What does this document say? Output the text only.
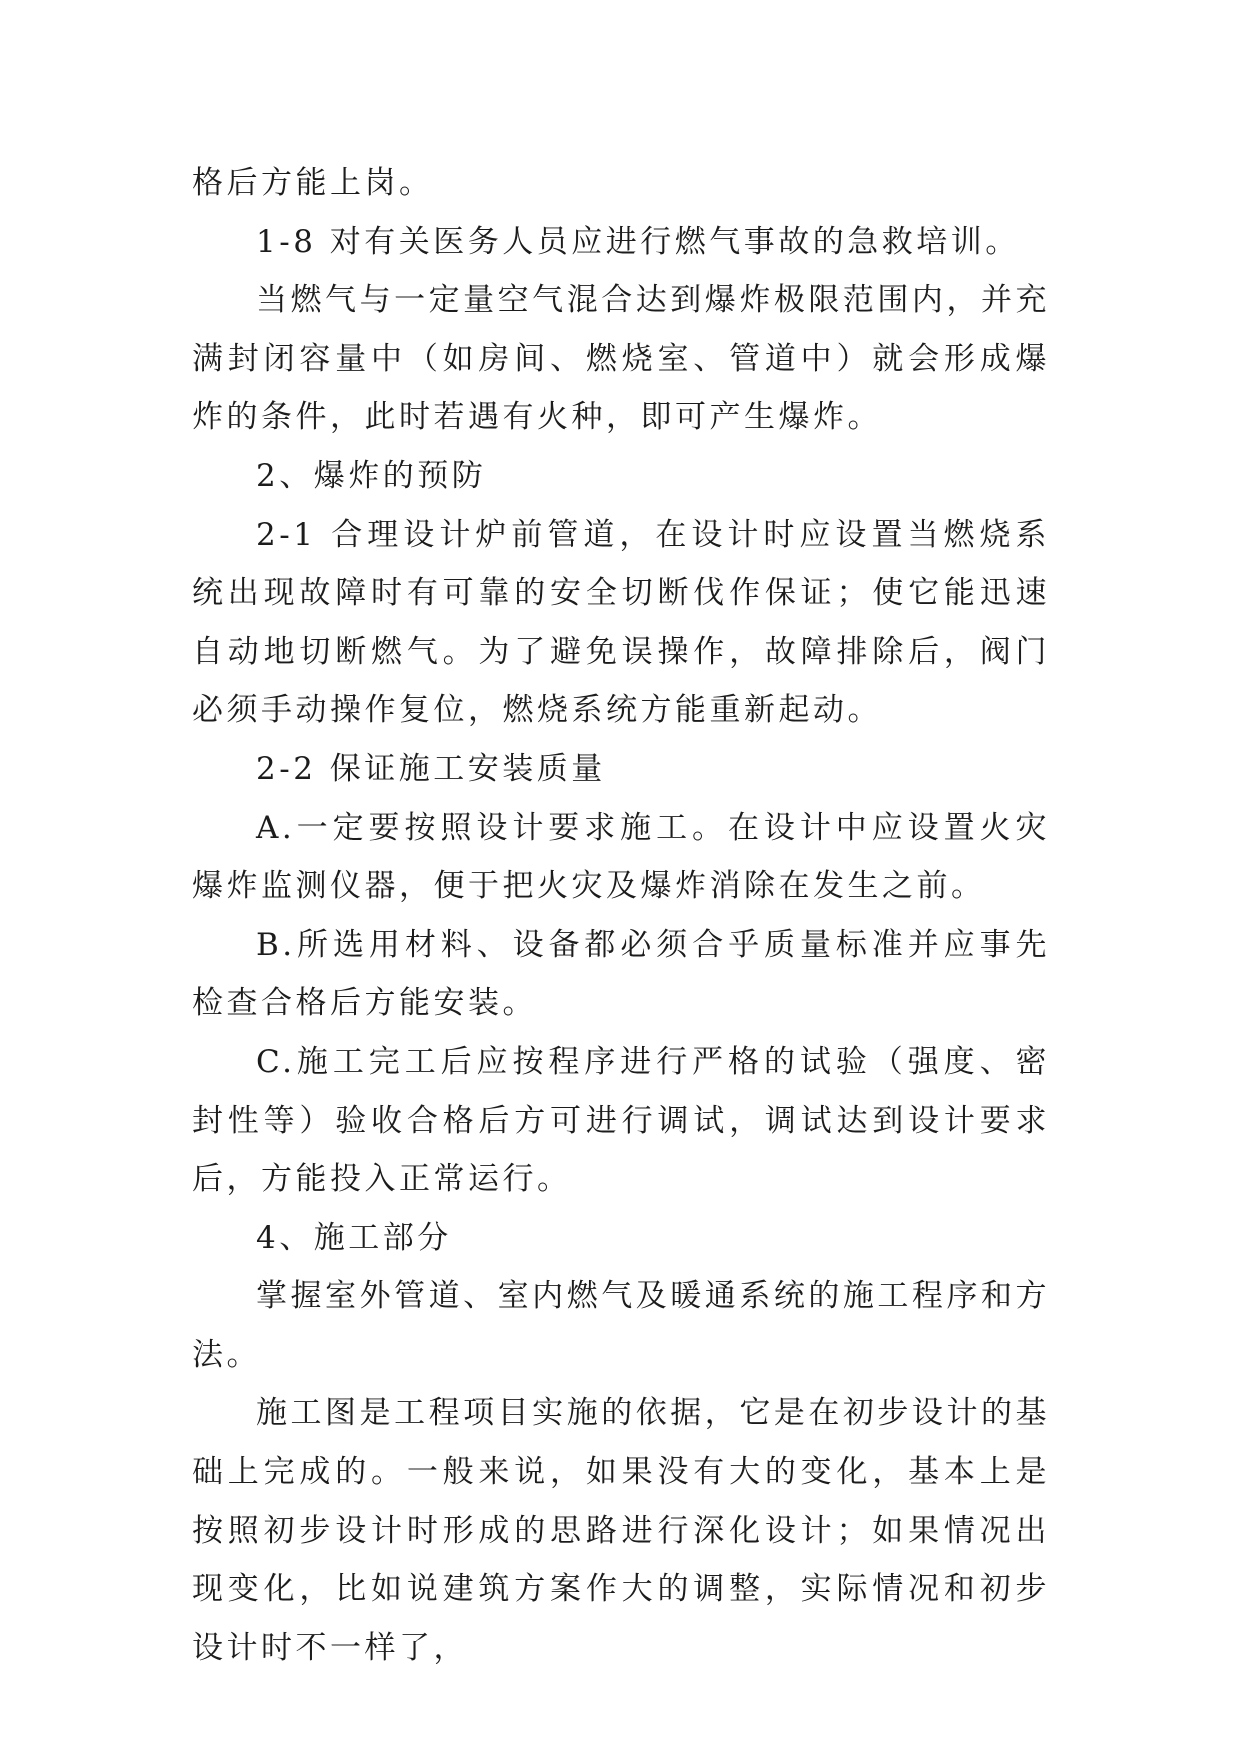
格后方能上岗。

1-8 对有关医务人员应进行燃气事故的急救培训。

当燃气与一定量空气混合达到爆炸极限范围内，并充满封闭容量中（如房间、燃烧室、管道中）就会形成爆炸的条件，此时若遇有火种，即可产生爆炸。

2、爆炸的预防

2-1 合理设计炉前管道，在设计时应设置当燃烧系统出现故障时有可靠的安全切断伐作保证；使它能迅速自动地切断燃气。为了避免误操作，故障排除后，阀门必须手动操作复位，燃烧系统方能重新起动。

2-2 保证施工安装质量

A.一定要按照设计要求施工。在设计中应设置火灾爆炸监测仪器，便于把火灾及爆炸消除在发生之前。

B.所选用材料、设备都必须合乎质量标准并应事先检查合格后方能安装。

C.施工完工后应按程序进行严格的试验（强度、密封性等）验收合格后方可进行调试，调试达到设计要求后，方能投入正常运行。

4、施工部分

掌握室外管道、室内燃气及暖通系统的施工程序和方法。

施工图是工程项目实施的依据，它是在初步设计的基础上完成的。一般来说，如果没有大的变化，基本上是按照初步设计时形成的思路进行深化设计；如果情况出现变化，比如说建筑方案作大的调整，实际情况和初步设计时不一样了，
